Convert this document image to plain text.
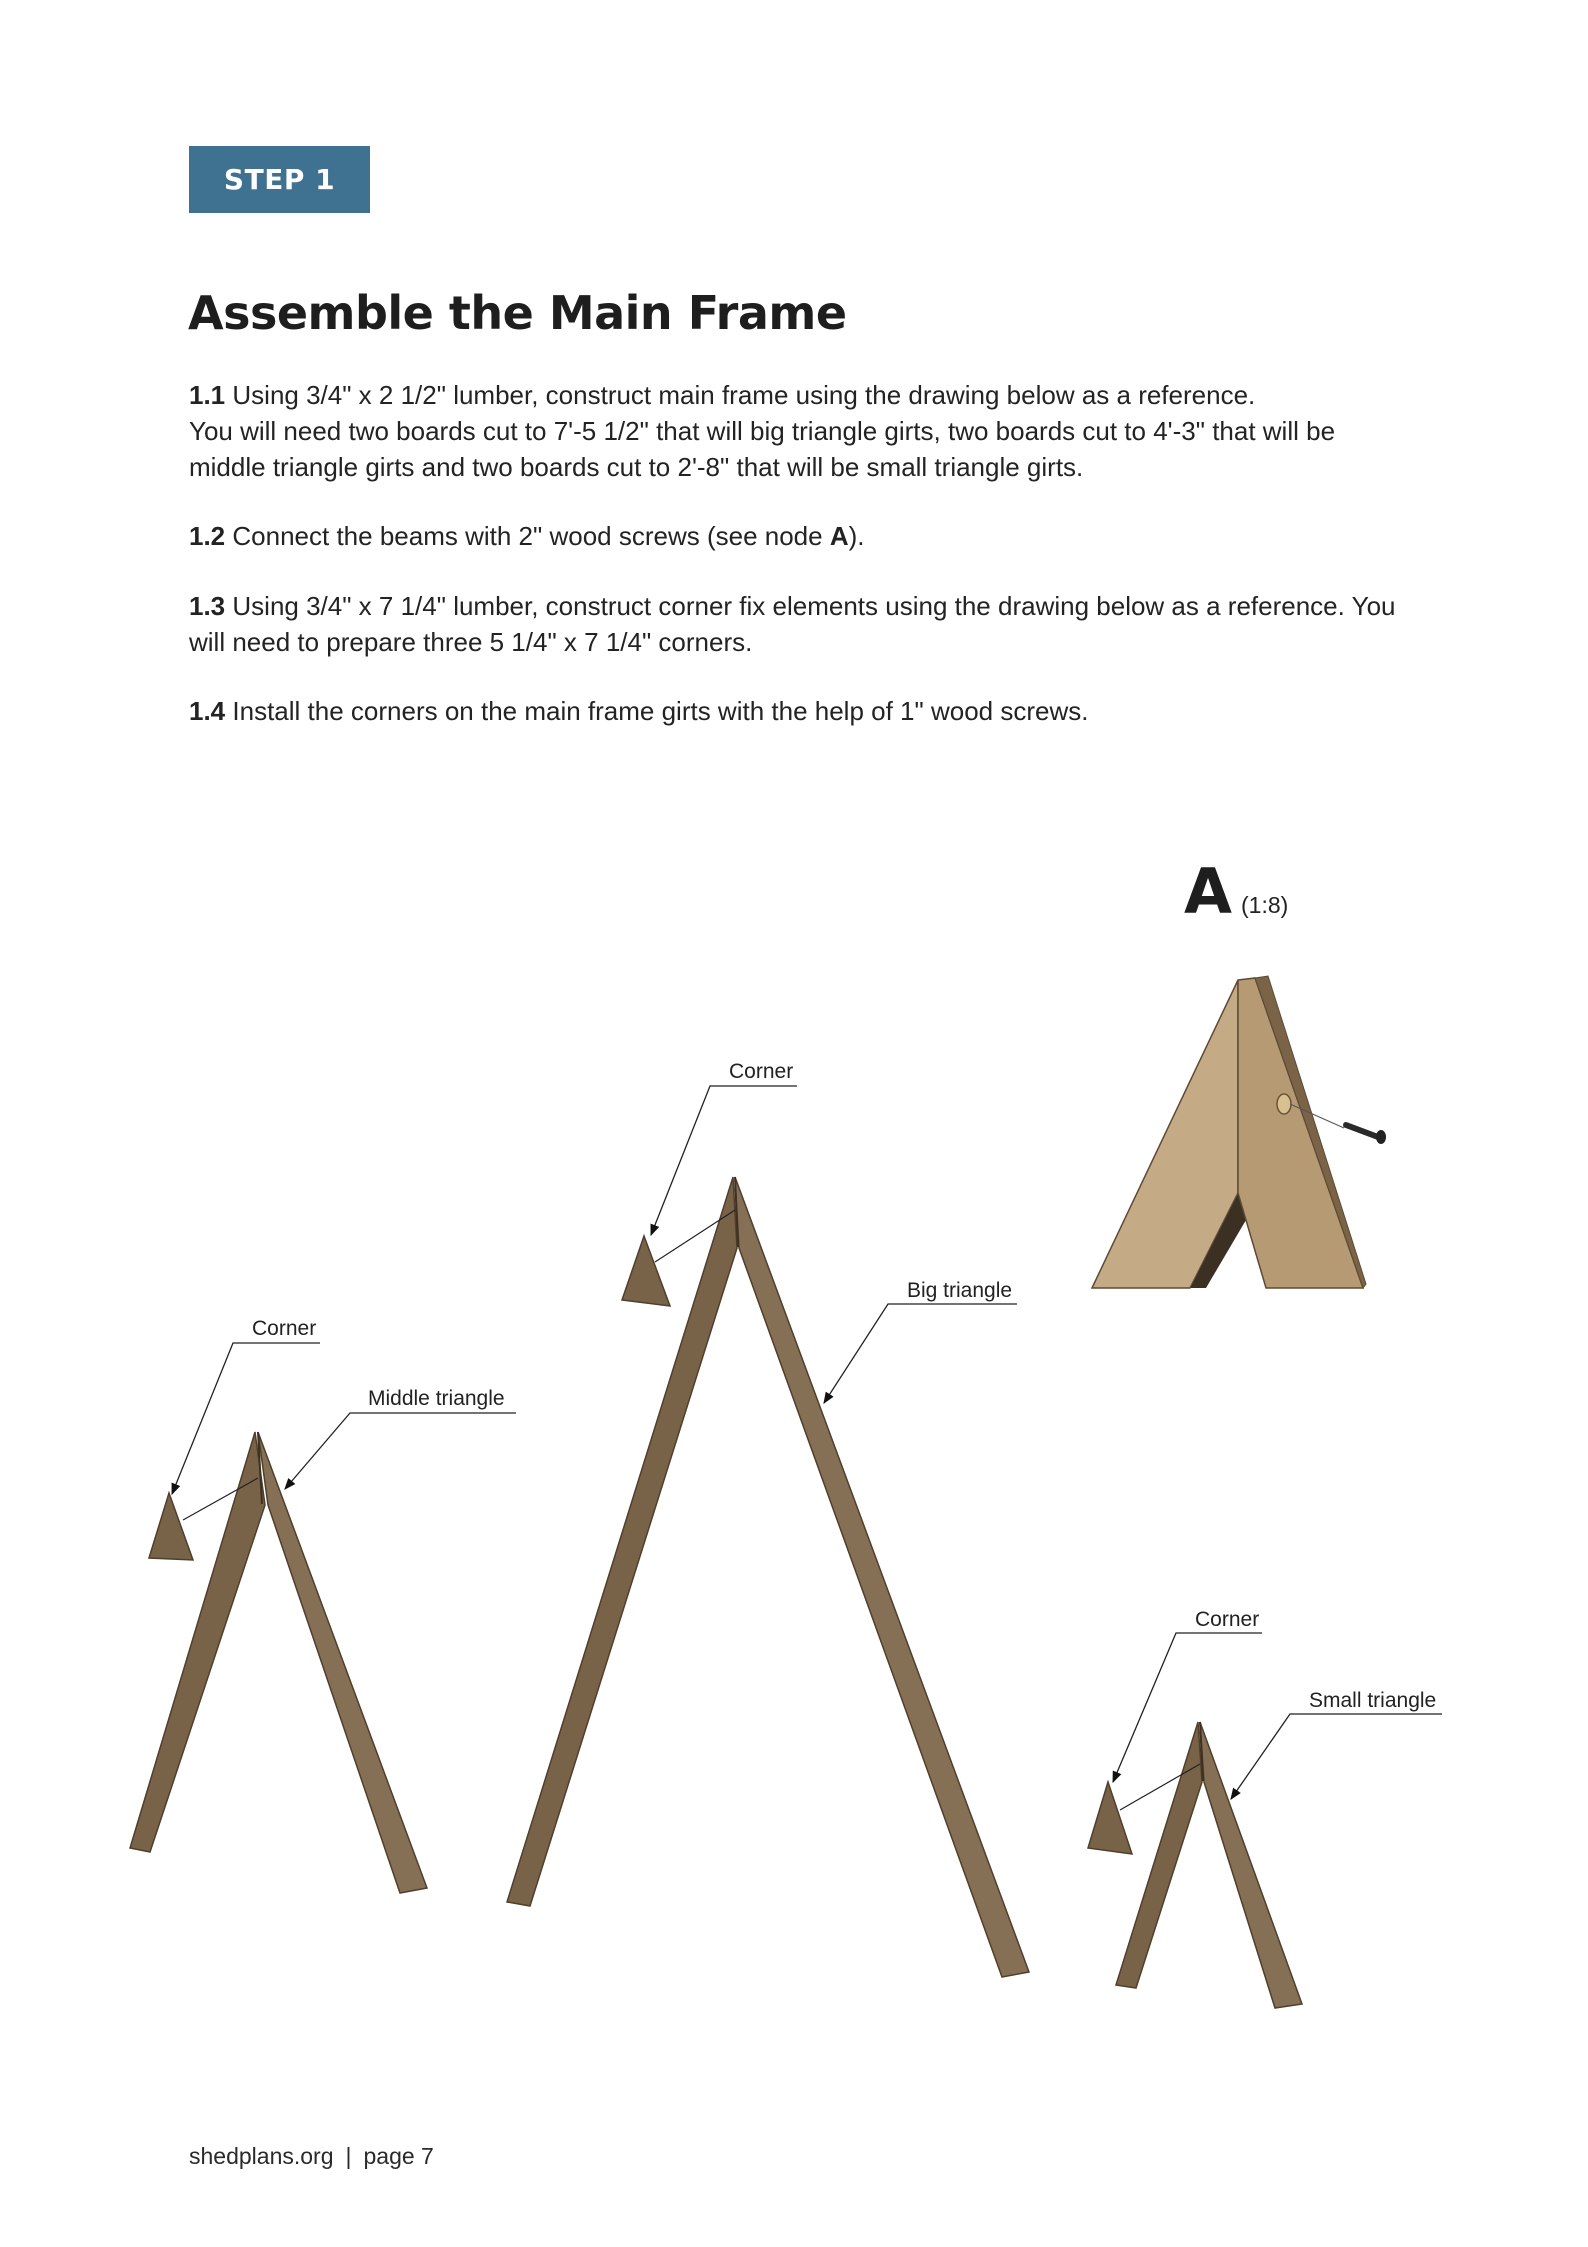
STEP 1
Assemble the Main Frame

1.1 Using 3/4" x 2 1/2" lumber, construct main frame using the drawing below as a reference.

You will need two boards cut to 7'-5 1/2" that will big triangle girts, two boards cut to 4'-3" that will be

middle triangle girts and two boards cut to 2'-8" that will be small triangle girts.

1.2 Connect the beams with 2" wood screws (see node A).

1.3 Using 3/4" x 7 1/4" lumber, construct corner fix elements using the drawing below as a reference. You

will need to prepare three 5 1/4" x 7 1/4" corners.

1.4 Install the corners on the main frame girts with the help of 1" wood screws.

Corner
Big triangle
Corner
Middle triangle
Corner
Small triangle
A (1:8)
shedplans.org | page 7
